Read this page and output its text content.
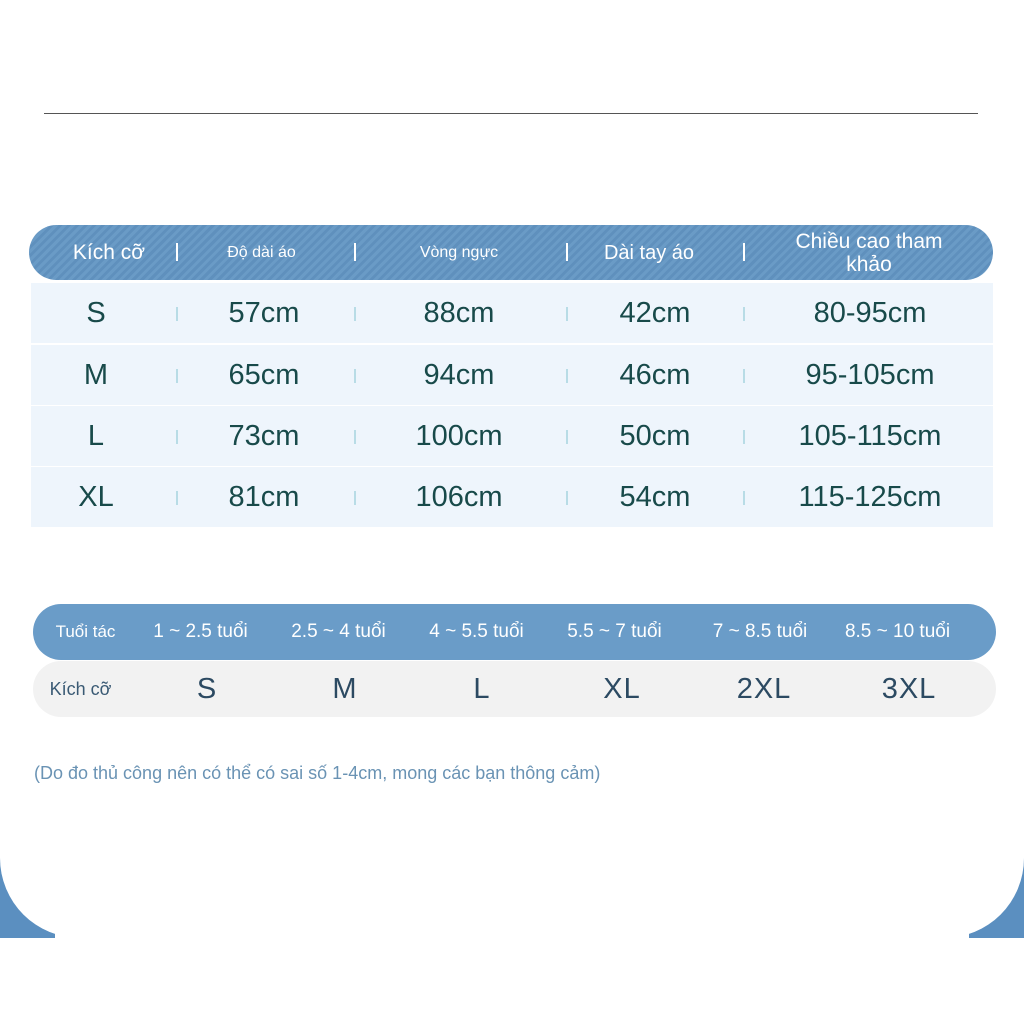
Kích cỡ	Độ dài áo	Vòng ngực	Dài tay áo	Chiều cao tham khảo
S	57cm	88cm	42cm	80-95cm
M	65cm	94cm	46cm	95-105cm
L	73cm	100cm	50cm	105-115cm
XL	81cm	106cm	54cm	115-125cm
Tuổi tác	1 ~ 2.5 tuổi	2.5 ~ 4 tuổi	4 ~ 5.5 tuổi	5.5 ~ 7 tuổi	7 ~ 8.5 tuổi	8.5 ~ 10 tuổi
Kích cỡ	S	M	L	XL	2XL	3XL
(Do đo thủ công nên có thể có sai số 1-4cm, mong các bạn thông cảm)
